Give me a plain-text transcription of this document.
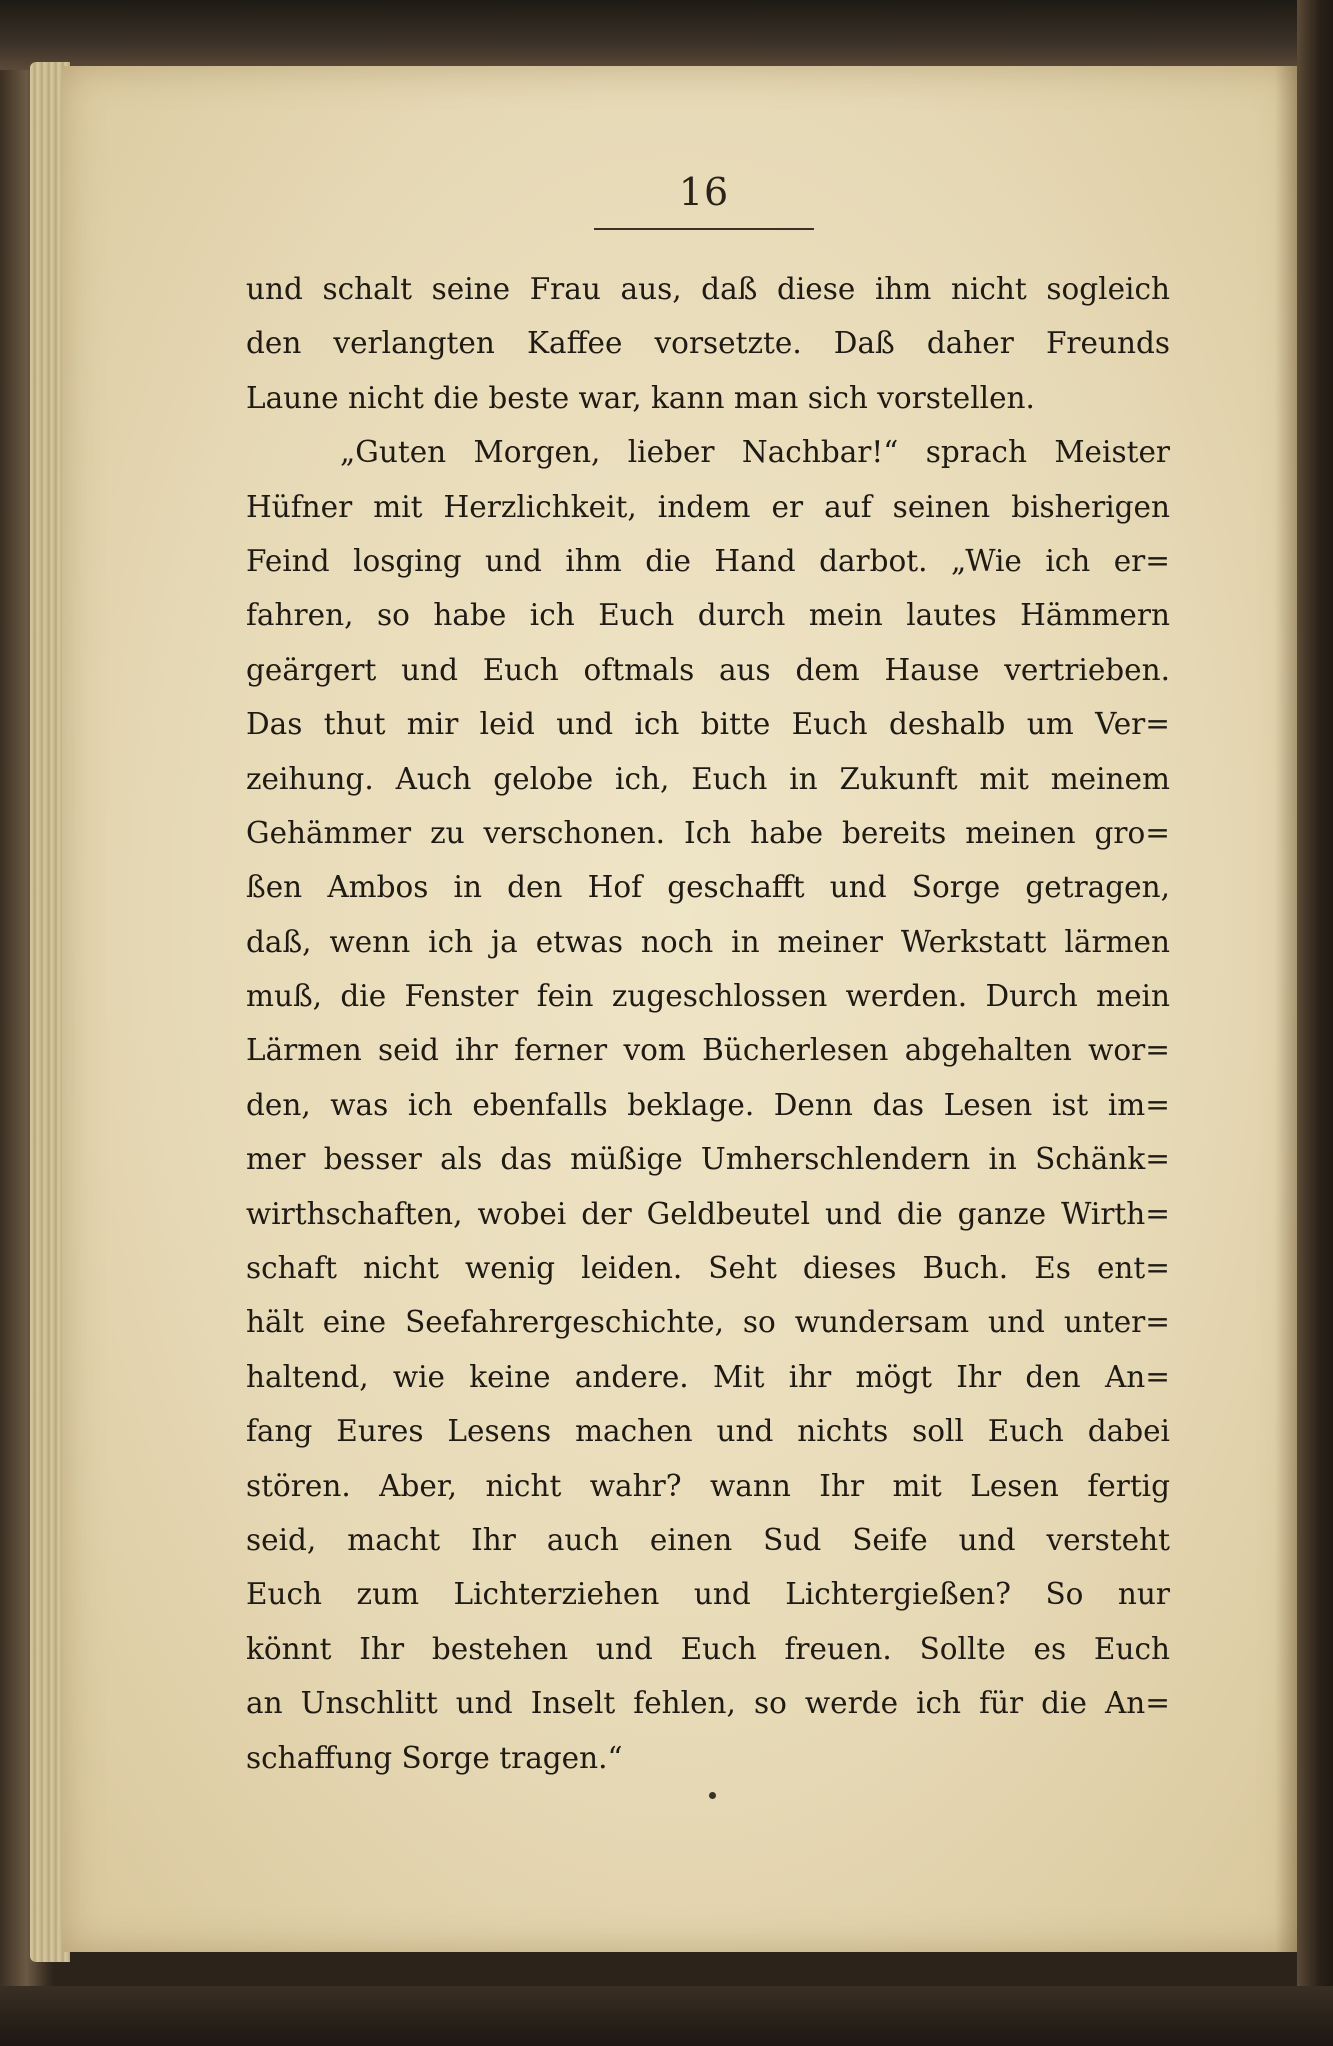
16
und schalt seine Frau aus, daß diese ihm nicht sogleich
den verlangten Kaffee vorsetzte. Daß daher Freunds
Laune nicht die beste war, kann man sich vorstellen.
„Guten Morgen, lieber Nachbar!“ sprach Meister
Hüfner mit Herzlichkeit, indem er auf seinen bisherigen
Feind losging und ihm die Hand darbot. „Wie ich er=
fahren, so habe ich Euch durch mein lautes Hämmern
geärgert und Euch oftmals aus dem Hause vertrieben.
Das thut mir leid und ich bitte Euch deshalb um Ver=
zeihung. Auch gelobe ich, Euch in Zukunft mit meinem
Gehämmer zu verschonen. Ich habe bereits meinen gro=
ßen Ambos in den Hof geschafft und Sorge getragen,
daß, wenn ich ja etwas noch in meiner Werkstatt lärmen
muß, die Fenster fein zugeschlossen werden. Durch mein
Lärmen seid ihr ferner vom Bücherlesen abgehalten wor=
den, was ich ebenfalls beklage. Denn das Lesen ist im=
mer besser als das müßige Umherschlendern in Schänk=
wirthschaften, wobei der Geldbeutel und die ganze Wirth=
schaft nicht wenig leiden. Seht dieses Buch. Es ent=
hält eine Seefahrergeschichte, so wundersam und unter=
haltend, wie keine andere. Mit ihr mögt Ihr den An=
fang Eures Lesens machen und nichts soll Euch dabei
stören. Aber, nicht wahr? wann Ihr mit Lesen fertig
seid, macht Ihr auch einen Sud Seife und versteht
Euch zum Lichterziehen und Lichtergießen? So nur
könnt Ihr bestehen und Euch freuen. Sollte es Euch
an Unschlitt und Inselt fehlen, so werde ich für die An=
schaffung Sorge tragen.“
